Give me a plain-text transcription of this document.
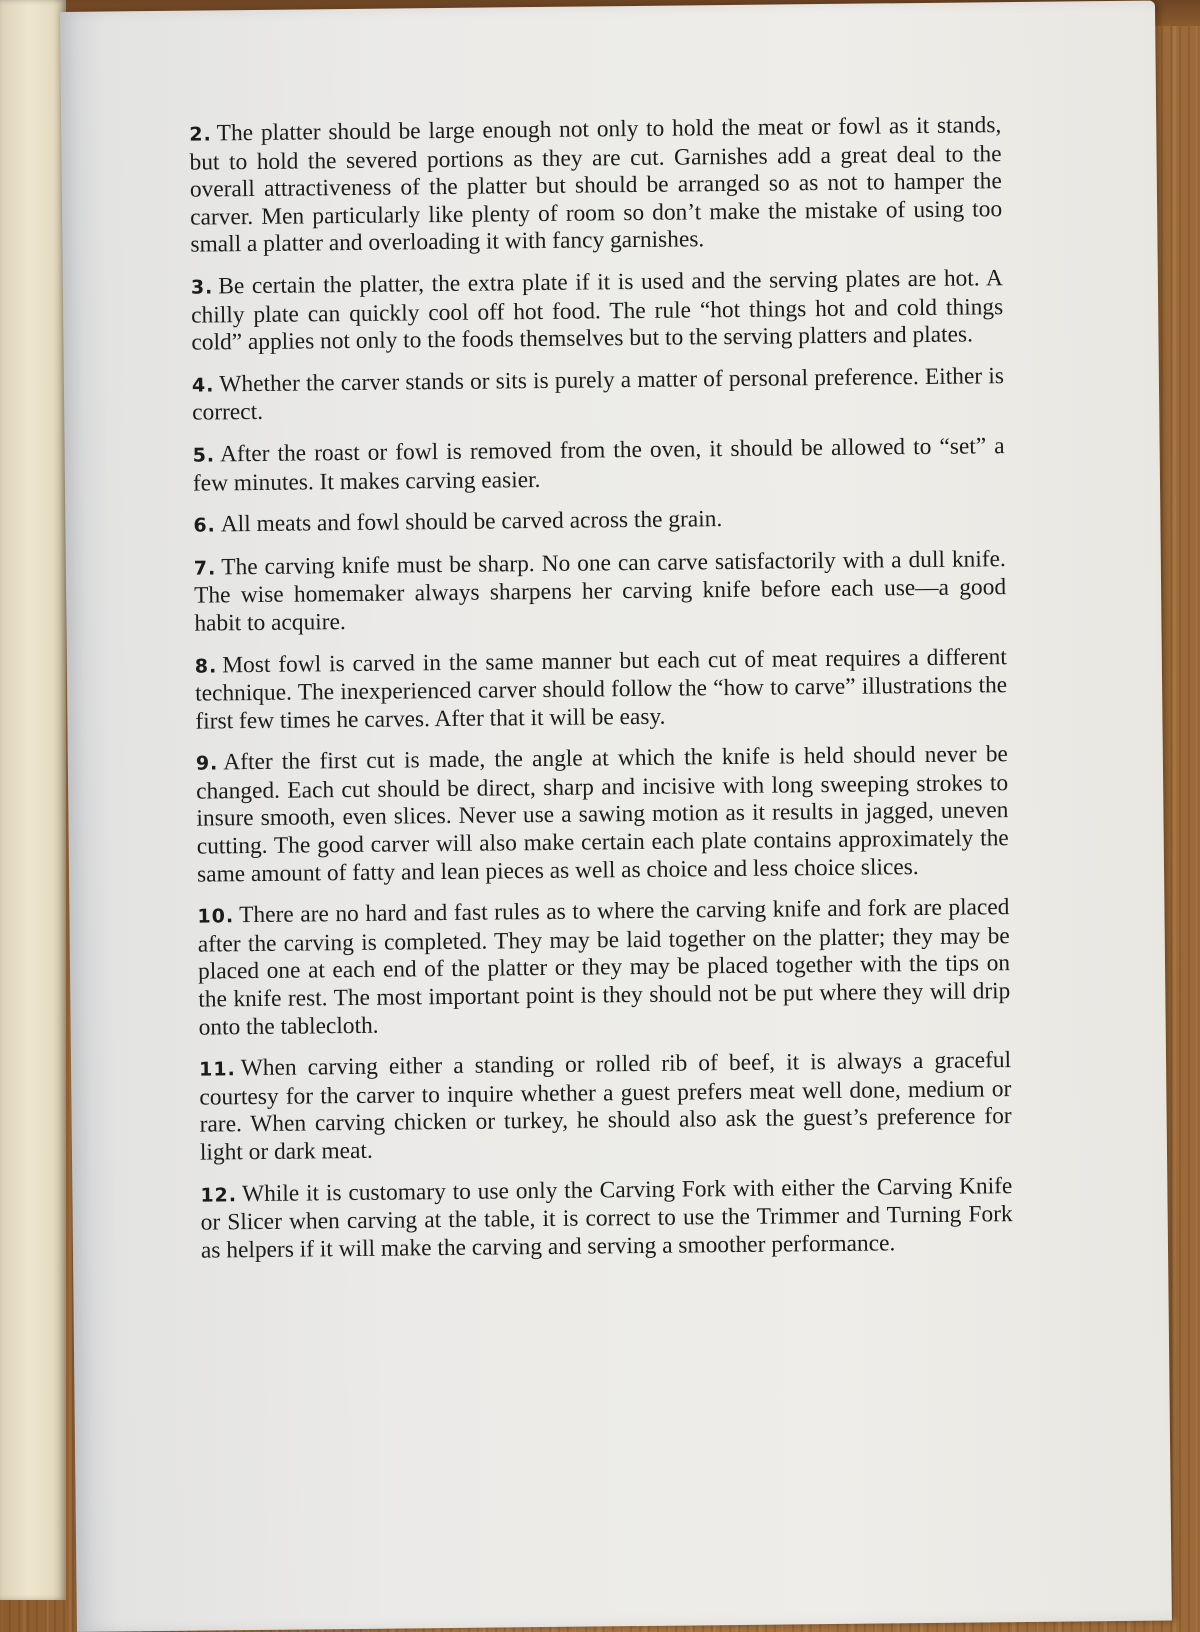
2. The platter should be large enough not only to hold the meat or fowl as it stands, but to hold the severed portions as they are cut. Garnishes add a great deal to the overall attractiveness of the platter but should be arranged so as not to hamper the carver. Men particularly like plenty of room so don’t make the mistake of using too small a platter and overloading it with fancy garnishes.

3. Be certain the platter, the extra plate if it is used and the serving plates are hot. A chilly plate can quickly cool off hot food. The rule “hot things hot and cold things cold” applies not only to the foods themselves but to the serving platters and plates.

4. Whether the carver stands or sits is purely a matter of personal preference. Either is correct.

5. After the roast or fowl is removed from the oven, it should be allowed to “set” a few minutes. It makes carving easier.

6. All meats and fowl should be carved across the grain.

7. The carving knife must be sharp. No one can carve satisfactorily with a dull knife. The wise homemaker always sharpens her carving knife before each use—a good habit to acquire.

8. Most fowl is carved in the same manner but each cut of meat requires a different technique. The inexperienced carver should follow the “how to carve” illustrations the first few times he carves. After that it will be easy.

9. After the first cut is made, the angle at which the knife is held should never be changed. Each cut should be direct, sharp and incisive with long sweeping strokes to insure smooth, even slices. Never use a sawing motion as it results in jagged, uneven cutting. The good carver will also make certain each plate contains approximately the same amount of fatty and lean pieces as well as choice and less choice slices.

10. There are no hard and fast rules as to where the carving knife and fork are placed after the carving is completed. They may be laid together on the platter; they may be placed one at each end of the platter or they may be placed together with the tips on the knife rest. The most important point is they should not be put where they will drip onto the tablecloth.

11. When carving either a standing or rolled rib of beef, it is always a graceful courtesy for the carver to inquire whether a guest prefers meat well done, medium or rare. When carving chicken or turkey, he should also ask the guest’s preference for light or dark meat.

12. While it is customary to use only the Carving Fork with either the Carving Knife or Slicer when carving at the table, it is correct to use the Trimmer and Turning Fork as helpers if it will make the carving and serving a smoother performance.
